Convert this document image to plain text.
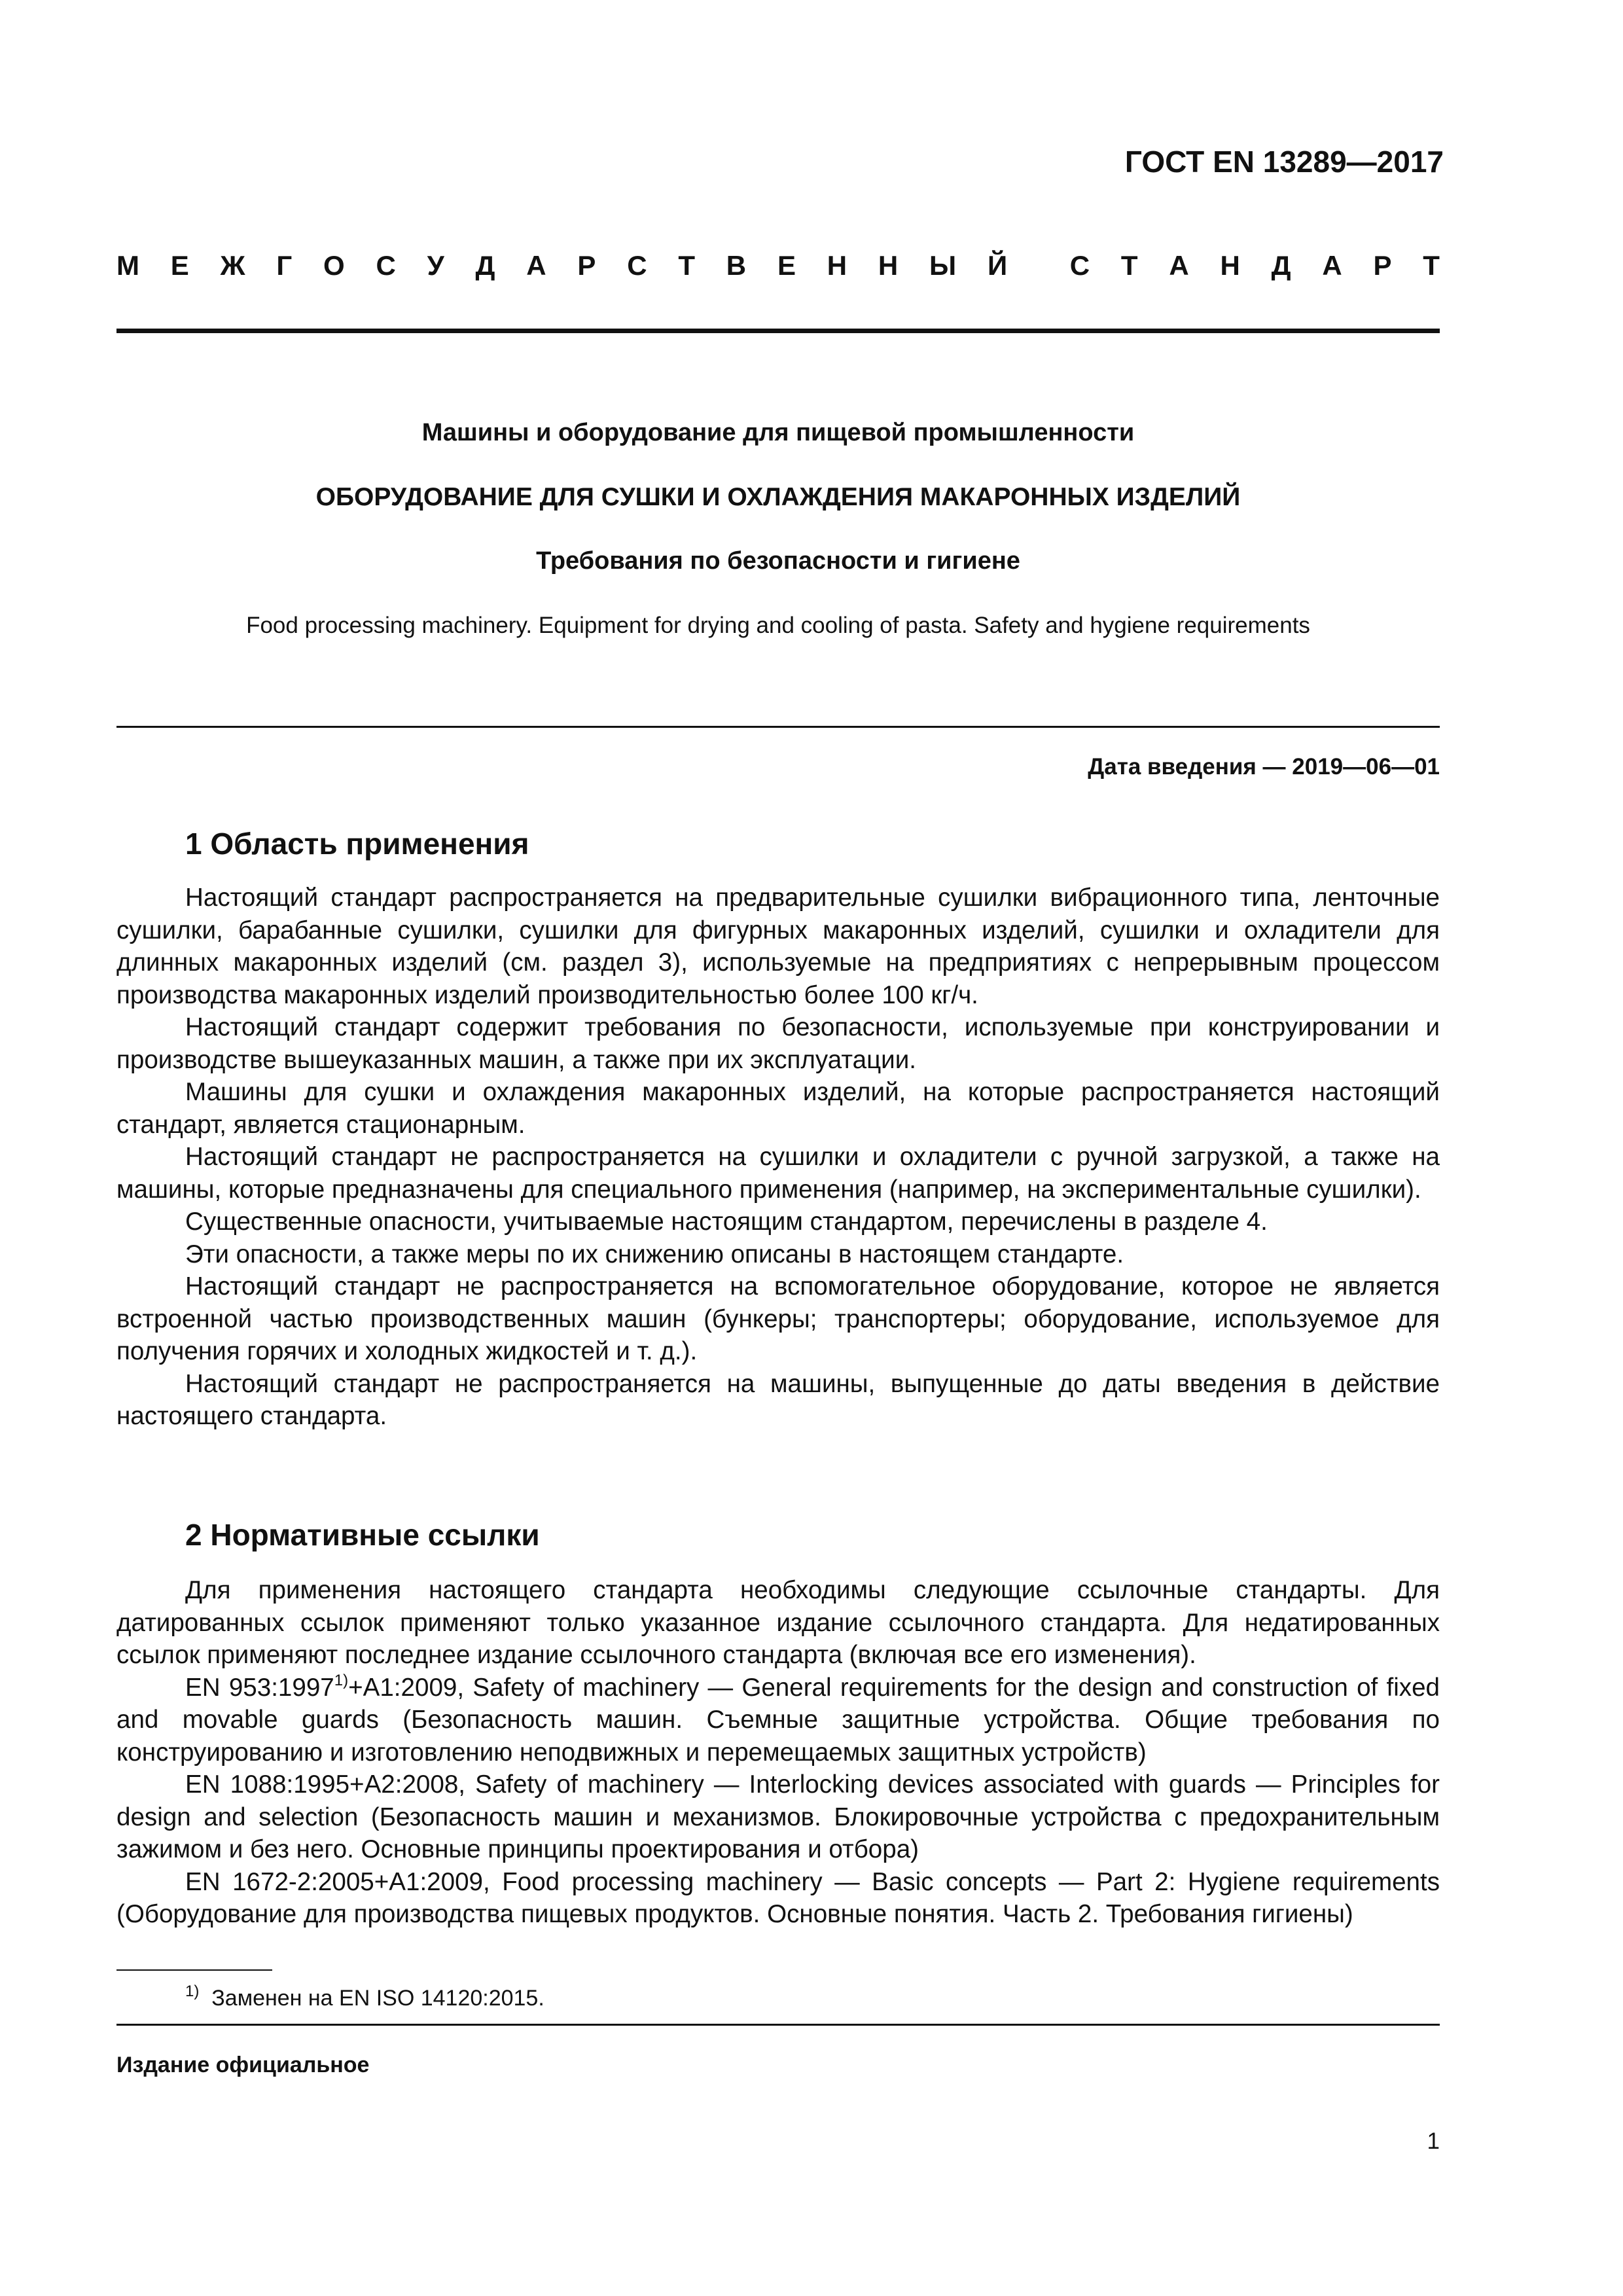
ГОСТ EN 13289—2017
М Е Ж Г О С У Д А Р С Т В Е Н Н Ы Й С Т А Н Д А Р Т
Машины и оборудование для пищевой промышленности
ОБОРУДОВАНИЕ ДЛЯ СУШКИ И ОХЛАЖДЕНИЯ МАКАРОННЫХ ИЗДЕЛИЙ
Требования по безопасности и гигиене
Food processing machinery. Equipment for drying and cooling of pasta. Safety and hygiene requirements
Дата введения — 2019—06—01
1 Область применения

Настоящий стандарт распространяется на предварительные сушилки вибрационного типа, ленточные сушилки, барабанные сушилки, сушилки для фигурных макаронных изделий, сушилки и охладители для длинных макаронных изделий (см. раздел 3), используемые на предприятиях с непрерывным процессом производства макаронных изделий производительностью более 100 кг/ч.

Настоящий стандарт содержит требования по безопасности, используемые при конструировании и производстве вышеуказанных машин, а также при их эксплуатации.

Машины для сушки и охлаждения макаронных изделий, на которые распространяется настоящий стандарт, является стационарным.

Настоящий стандарт не распространяется на сушилки и охладители с ручной загрузкой, а также на машины, которые предназначены для специального применения (например, на экспериментальные сушилки).

Существенные опасности, учитываемые настоящим стандартом, перечислены в разделе 4.

Эти опасности, а также меры по их снижению описаны в настоящем стандарте.

Настоящий стандарт не распространяется на вспомогательное оборудование, которое не является встроенной частью производственных машин (бункеры; транспортеры; оборудование, используемое для получения горячих и холодных жидкостей и т. д.).

Настоящий стандарт не распространяется на машины, выпущенные до даты введения в действие настоящего стандарта.

2 Нормативные ссылки

Для применения настоящего стандарта необходимы следующие ссылочные стандарты. Для датированных ссылок применяют только указанное издание ссылочного стандарта. Для недатированных ссылок применяют последнее издание ссылочного стандарта (включая все его изменения).

EN $953:1997^{1)}+A1:2009$, Safety of machinery — General requirements for the design and construction of fixed and movable guards (Безопасность машин. Съемные защитные устройства. Общие требования по конструированию и изготовлению неподвижных и перемещаемых защитных устройств)

EN 1088:1995+A2:2008, Safety of machinery — Interlocking devices associated with guards — Principles for design and selection (Безопасность машин и механизмов. Блокировочные устройства с предохранительным зажимом и без него. Основные принципы проектирования и отбора)

EN 1672-2:2005+A1:2009, Food processing machinery — Basic concepts — Part 2: Hygiene requirements (Оборудование для производства пищевых продуктов. Основные понятия. Часть 2. Требования гигиены)

$^{1)}$ Заменен на EN ISO 14120:2015.
Издание официальное
1
